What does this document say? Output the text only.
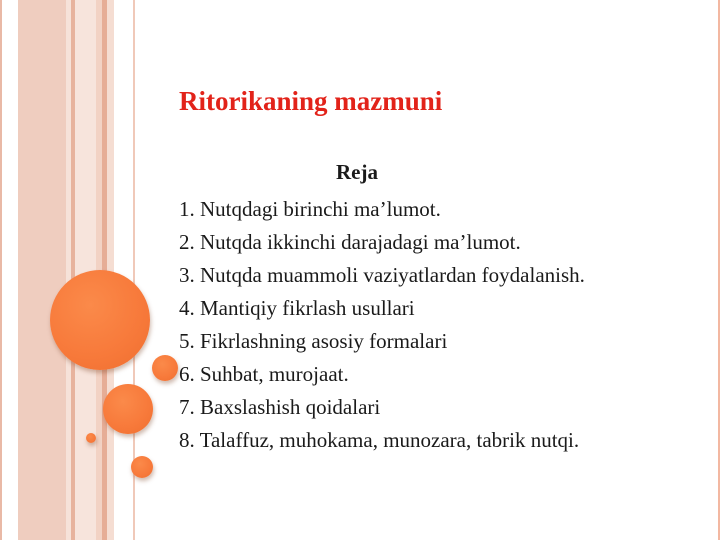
Ritorikaning mazmuni
Reja
1. Nutqdagi birinchi ma’lumot.
2. Nutqda ikkinchi darajadagi ma’lumot.
3. Nutqda muammoli vaziyatlardan foydalanish.
4. Mantiqiy fikrlash usullari
5. Fikrlashning asosiy formalari
6. Suhbat, murojaat.
7. Baxslashish qoidalari
8. Talaffuz, muhokama, munozara, tabrik nutqi.
